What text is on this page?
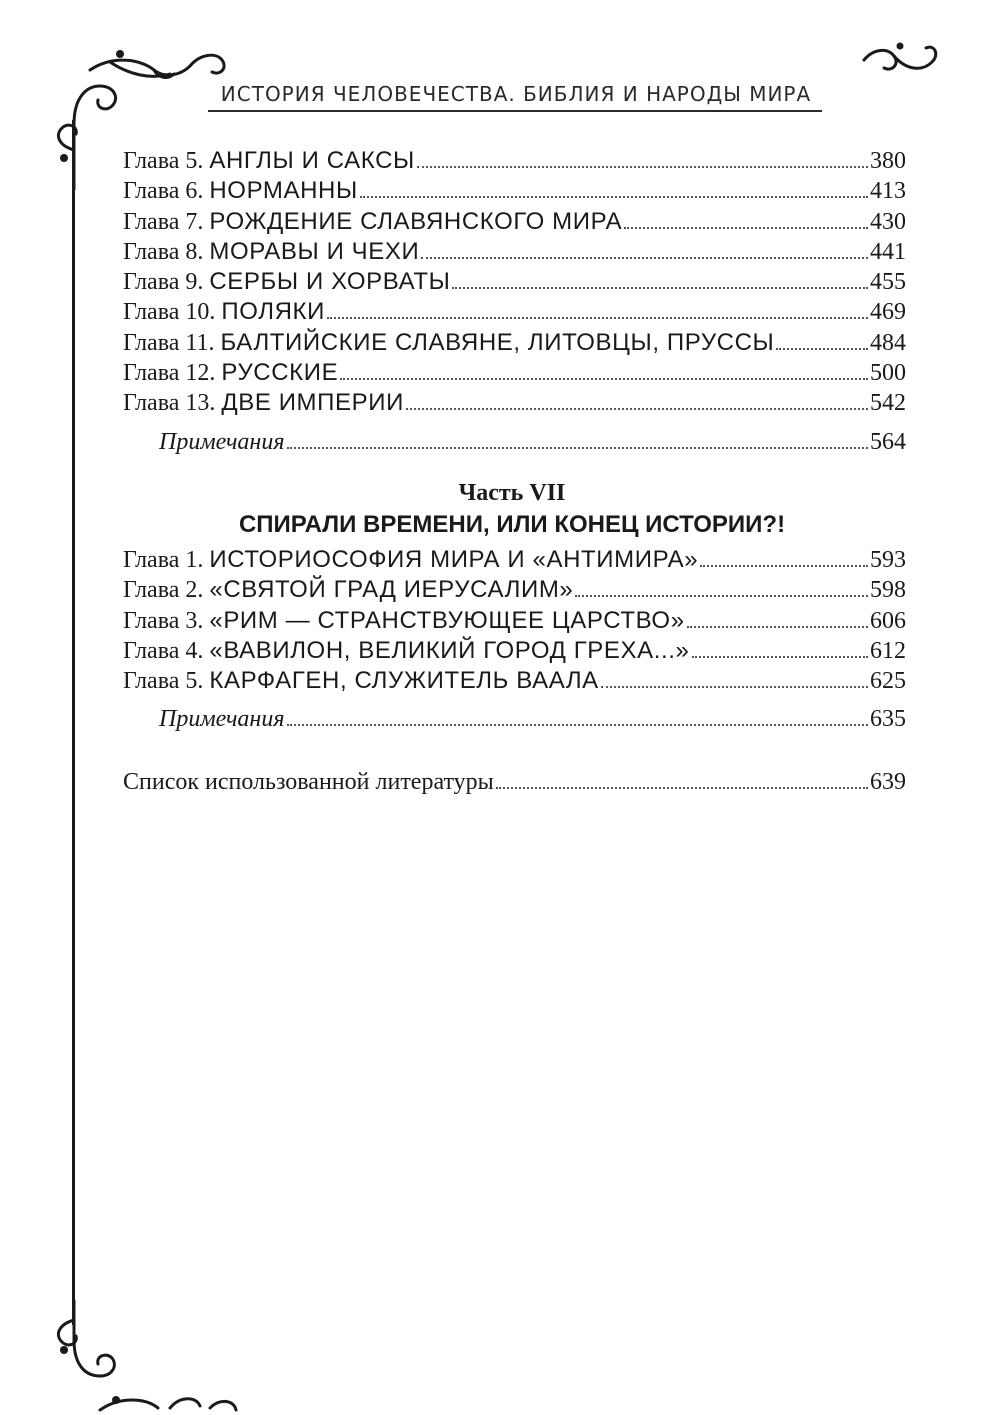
ИСТОРИЯ ЧЕЛОВЕЧЕСТВА. БИБЛИЯ И НАРОДЫ МИРА
Глава 5. АНГЛЫ И САКСЫ	380
Глава 6. НОРМАННЫ	413
Глава 7. РОЖДЕНИЕ СЛАВЯНСКОГО МИРА	430
Глава 8. МОРАВЫ И ЧЕХИ	441
Глава 9. СЕРБЫ И ХОРВАТЫ	455
Глава 10. ПОЛЯКИ	469
Глава 11. БАЛТИЙСКИЕ СЛАВЯНЕ, ЛИТОВЦЫ, ПРУССЫ	484
Глава 12. РУССКИЕ	500
Глава 13. ДВЕ ИМПЕРИИ	542
Примечания	564
Часть VII
СПИРАЛИ ВРЕМЕНИ, ИЛИ КОНЕЦ ИСТОРИИ?!
Глава 1. ИСТОРИОСОФИЯ МИРА И «АНТИМИРА»	593
Глава 2. «СВЯТОЙ ГРАД ИЕРУСАЛИМ»	598
Глава 3. «РИМ — СТРАНСТВУЮЩЕЕ ЦАРСТВО»	606
Глава 4. «ВАВИЛОН, ВЕЛИКИЙ ГОРОД ГРЕХА...»	612
Глава 5. КАРФАГЕН, СЛУЖИТЕЛЬ ВААЛА	625
Примечания	635
Список использованной литературы	639
